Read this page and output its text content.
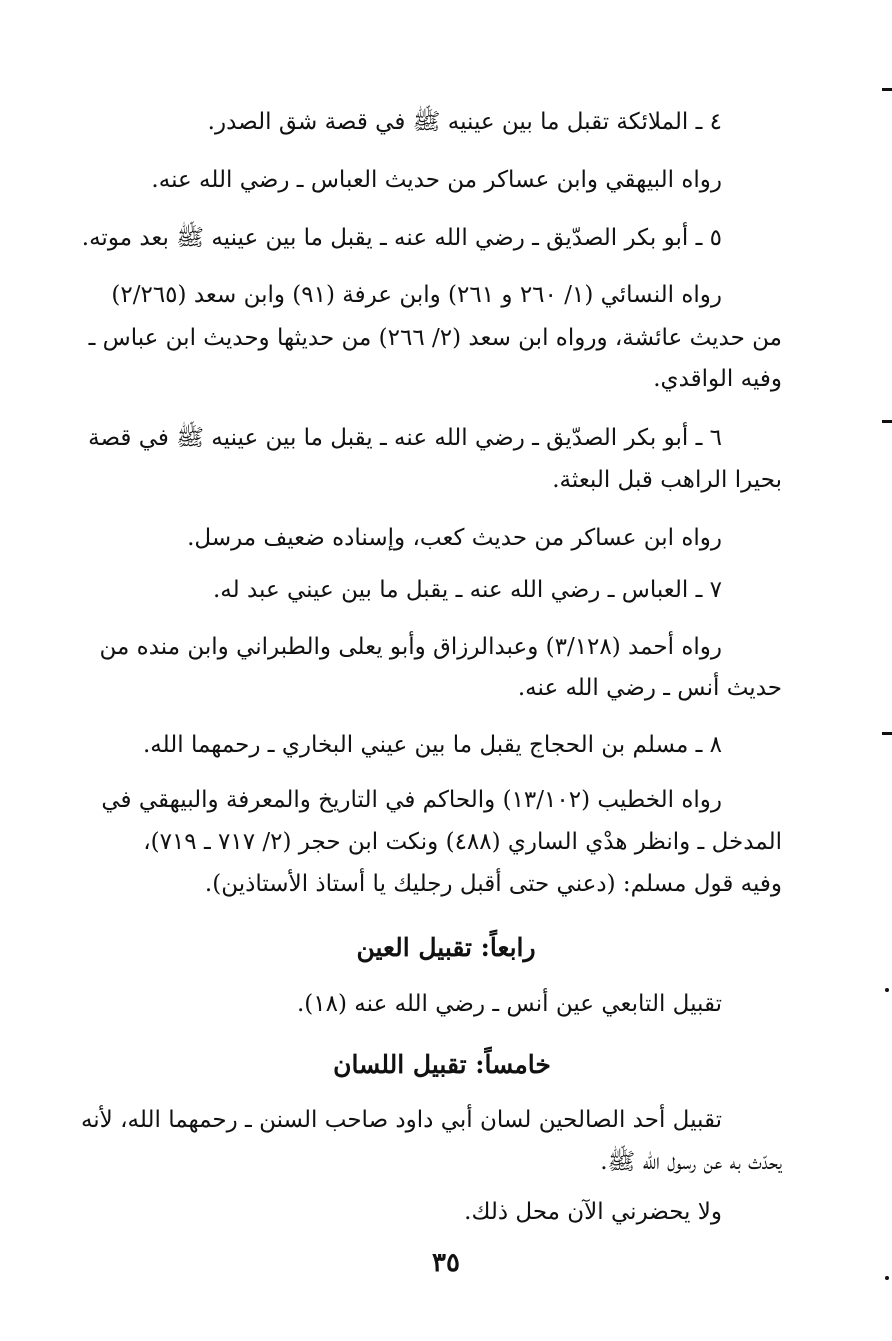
٤ ـ الملائكة تقبل ما بين عينيه ﷺ في قصة شق الصدر.
رواه البيهقي وابن عساكر من حديث العباس ـ رضي الله عنه.
٥ ـ أبو بكر الصدّيق ـ رضي الله عنه ـ يقبل ما بين عينيه ﷺ بعد موته.
رواه النسائي (١/ ٢٦٠ و ٢٦١) وابن عرفة (٩١) وابن سعد (٢/٢٦٥)
من حديث عائشة، ورواه ابن سعد (٢/ ٢٦٦) من حديثها وحديث ابن عباس ـ
وفيه الواقدي.
٦ ـ أبو بكر الصدّيق ـ رضي الله عنه ـ يقبل ما بين عينيه ﷺ في قصة
بحيرا الراهب قبل البعثة.
رواه ابن عساكر من حديث كعب، وإسناده ضعيف مرسل.
٧ ـ العباس ـ رضي الله عنه ـ يقبل ما بين عيني عبد له.
رواه أحمد (٣/١٢٨) وعبدالرزاق وأبو يعلى والطبراني وابن منده من
حديث أنس ـ رضي الله عنه.
٨ ـ مسلم بن الحجاج يقبل ما بين عيني البخاري ـ رحمهما الله.
رواه الخطيب (١٣/١٠٢) والحاكم في التاريخ والمعرفة والبيهقي في
المدخل ـ وانظر هدْي الساري (٤٨٨) ونكت ابن حجر (٢/ ٧١٧ ـ ٧١٩)،
وفيه قول مسلم: (دعني حتى أقبل رجليك يا أستاذ الأستاذين).
رابعاً: تقبيل العين
تقبيل التابعي عين أنس ـ رضي الله عنه (١٨).
خامساً: تقبيل اللسان
تقبيل أحد الصالحين لسان أبي داود صاحب السنن ـ رحمهما الله، لأنه
يحدّث به عن رسول الله ﷺ.
ولا يحضرني الآن محل ذلك.
٣٥
